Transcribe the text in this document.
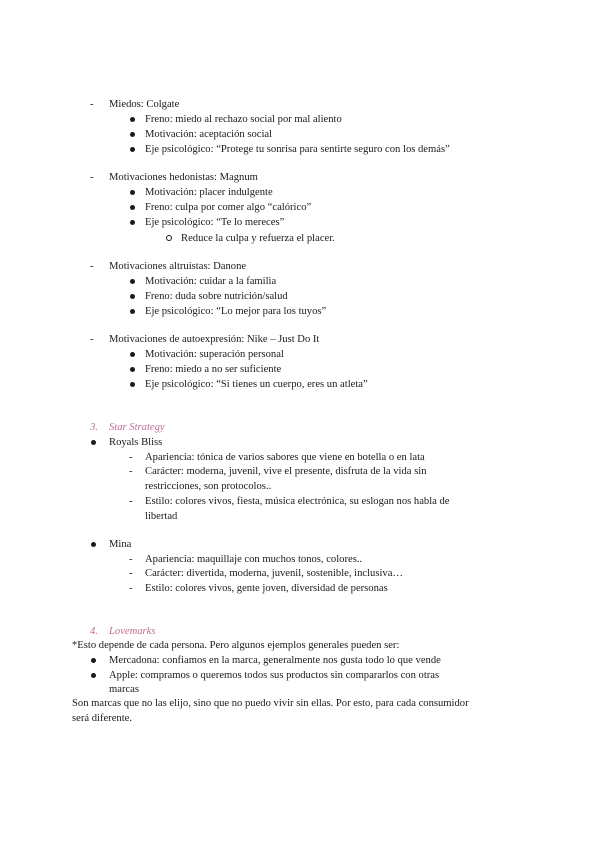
- Miedos: Colgate
Freno: miedo al rechazo social por mal aliento
Motivación: aceptación social
Eje psicológico: “Protege tu sonrisa para sentirte seguro con los demás”
- Motivaciones hedonistas: Magnum
Motivación: placer indulgente
Freno: culpa por comer algo “calórico”
Eje psicológico: “Te lo mereces”
Reduce la culpa y refuerza el placer.
- Motivaciones altruistas: Danone
Motivación: cuidar a la familia
Freno: duda sobre nutrición/salud
Eje psicológico: “Lo mejor para los tuyos”
- Motivaciones de autoexpresión: Nike – Just Do It
Motivación: superación personal
Freno: miedo a no ser suficiente
Eje psicológico: “Si tienes un cuerpo, eres un atleta”
3. Star Strategy
Royals Bliss
- Apariencia: tónica de varios sabores que viene en botella o en lata
- Carácter: moderna, juvenil, vive el presente, disfruta de la vida sin
restricciones, son protocolos..
- Estilo: colores vivos, fiesta, música electrónica, su eslogan nos habla de
libertad
Mina
- Apariencia: maquillaje con muchos tonos, colores..
- Carácter: divertida, moderna, juvenil, sostenible, inclusiva…
- Estilo: colores vivos, gente joven, diversidad de personas
4. Lovemarks
*Esto depende de cada persona. Pero algunos ejemplos generales pueden ser:
Mercadona: confiamos en la marca, generalmente nos gusta todo lo que vende
Apple: compramos o queremos todos sus productos sin compararlos con otras
marcas
Son marcas que no las elijo, sino que no puedo vivir sin ellas. Por esto, para cada consumidor
será diferente.
